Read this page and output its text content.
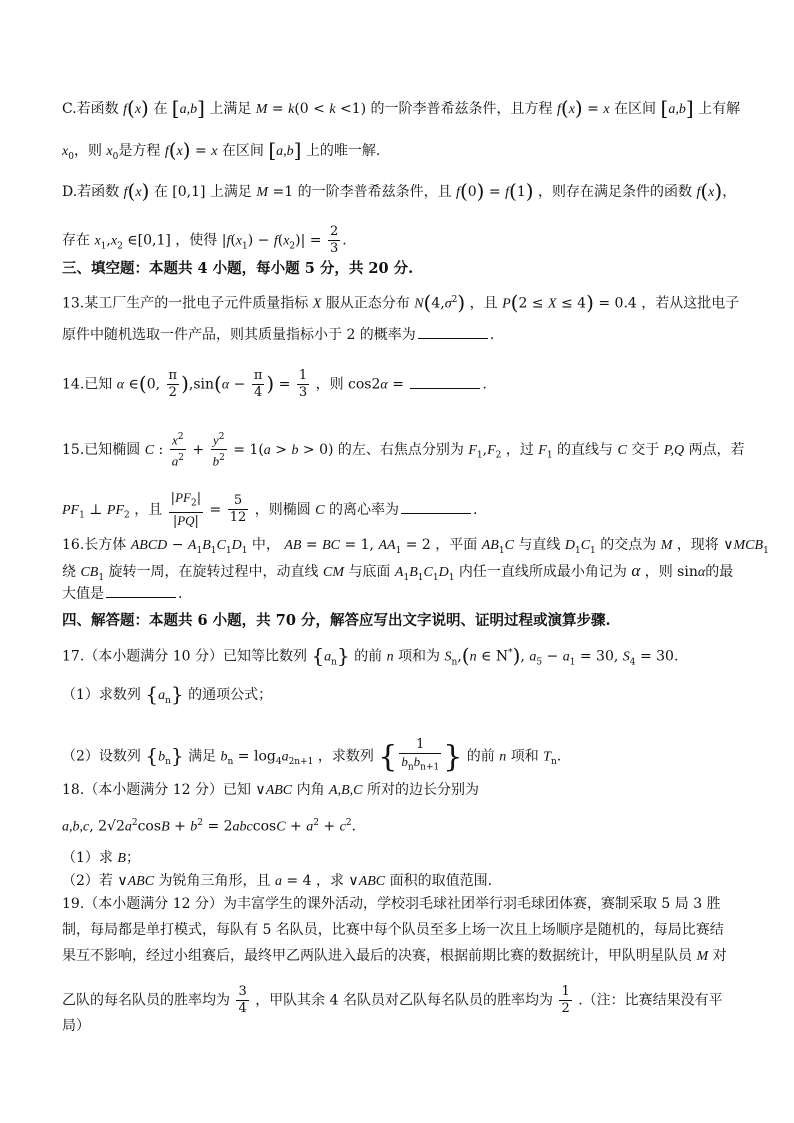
C.若函数 f(x) 在 [a,b] 上满足 M = k(0 < k <1) 的一阶李普希兹条件，且方程 f(x) = x 在区间 [a,b] 上有解
$x_0$，则 $x_0$是方程 f(x) = x 在区间 [a,b] 上的唯一解.
D.若函数 f(x) 在 [0,1] 上满足 M =1 的一阶李普希兹条件，且 f(0) = f(1) ，则存在满足条件的函数 f(x)，
存在 $x_1,x_2$ ∈[0,1] ，使得 $|f(x_1) - f(x_2)| = \frac{2}{3}$ .
三、填空题：本题共 4 小题，每小题 5 分，共 20 分.
13.某工厂生产的一批电子元件质量指标 X 服从正态分布 $N(4,\sigma^2)$ ，且 P(2 ≤ X ≤ 4) = 0.4 ，若从这批电子
原件中随机选取一件产品，则其质量指标小于 2 的概率为	.
14.已知 α ∈(0, $\frac{\pi}{2} ),\sin(\alpha - \frac{\pi}{4}$ ) = $\frac{1}{3}$ ，则 cos2α =	.
15.已知椭圆 C : $\frac{x^2}{a^2} + \frac{y^2}{b^2} = 1(a > b > 0)$ 的左、右焦点分别为 $F_1,F_2$ ，过 $F_1$ 的直线与 C 交于 P,Q 两点，若
$PF_1$ ⊥ $PF_2$ ，且 $\frac{|PF_2|}{|PQ|} = \frac{5}{12}$ ，则椭圆 C 的离心率为	.
16.长方体 ABCD − $A_1B_1C_1D_1$ 中， AB = BC = 1, $AA_1 = 2$ ，平面 $AB_1C$ 与直线 $D_1C_1$ 的交点为 M ，现将 $\vee MCB_1$
绕 $CB_1$ 旋转一周，在旋转过程中，动直线 CM 与底面 $A_1B_1C_1D_1$ 内任一直线所成最小角记为 α ，则 sinα的最
大值是	.
四、解答题：本题共 6 小题，共 70 分，解答应写出文字说明、证明过程或演算步骤.
17.（本小题满分 10 分）已知等比数列 $\{a_n\}$ 的前 n 项和为 $S_n,(n$ ∈ N*), $a_5 - a_1 = 30$, $S_4 = 30$.
（1）求数列 $\{a_n\}$ 的通项公式；
（2）设数列 $\{b_n\}$ 满足 $b_n = \log_4a_{2n+1}$ ，求数列 { $\frac{1}{b_nb_{n+1}}$ } 的前 n 项和 $T_n$.
18.（本小题满分 12 分）已知 ∨ABC 内角 A,B,C 所对的边长分别为
a,b,c, $2√2a^2\cos B + b^2 = 2abccosC + a^2 + c^2$.
（1）求 B；
（2）若 ∨ABC 为锐角三角形，且 a = 4 ，求 ∨ABC 面积的取值范围.
19.（本小题满分 12 分）为丰富学生的课外活动，学校羽毛球社团举行羽毛球团体赛，赛制采取 5 局 3 胜
制，每局都是单打模式，每队有 5 名队员，比赛中每个队员至多上场一次且上场顺序是随机的，每局比赛结
果互不影响，经过小组赛后，最终甲乙两队进入最后的决赛，根据前期比赛的数据统计，甲队明星队员 M 对
乙队的每名队员的胜率均为 $\frac{3}{4}$ ，甲队其余 4 名队员对乙队每名队员的胜率均为 $\frac{1}{2}$ .（注：比赛结果没有平
局）
